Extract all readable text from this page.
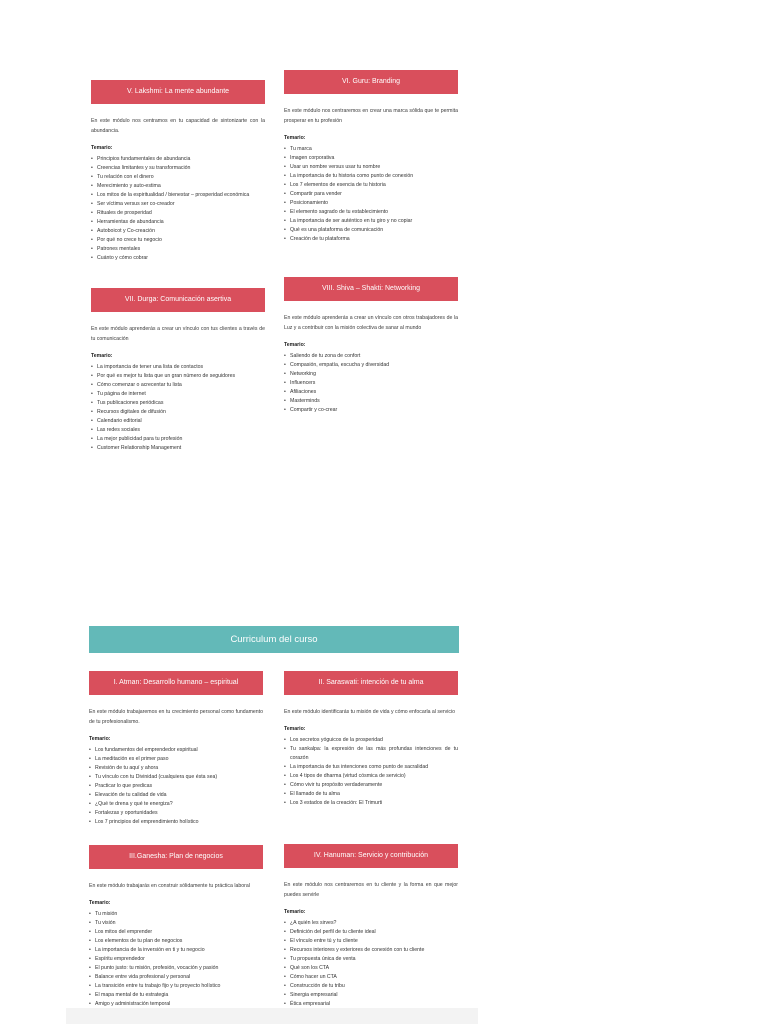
V. Lakshmi: La mente abundante

En este módulo nos centramos en tu capacidad de sintonizarte con la abundancia.

Temario:
• Principios fundamentales de abundancia
• Creencias limitantes y su transformación
• Tu relación con el dinero
• Merecimiento y auto-estima
• Los mitos de la espiritualidad / bienestar – prosperidad económica
• Ser víctima versus ser co-creador
• Rituales de prosperidad
• Herramientas de abundancia
• Autoboicot y Co-creación
• Por qué no crece tu negocio
• Patrones mentales
• Cuánto y cómo cobrar
VI. Guru: Branding

En este módulo nos centraremos en crear una marca sólida que te permita prosperar en tu profesión

Temario:
• Tu marca
• Imagen corporativa
• Usar un nombre versus usar tu nombre
• La importancia de tu historia como punto de conexión
• Los 7 elementos de esencia de tu historia
• Compartir para vender
• Posicionamiento
• El elemento sagrado de tu establecimiento
• La importancia de ser auténtico en tu giro y no copiar
• Qué es una plataforma de comunicación
• Creación de tu plataforma
VII. Durga: Comunicación asertiva

En este módulo aprenderás a crear un vínculo con tus clientes a través de tu comunicación

Temario:
• La importancia de tener una lista de contactos
• Por qué es mejor tu lista que un gran número de seguidores
• Cómo comenzar o acrecentar tu lista
• Tu página de internet
• Tus publicaciones periódicas
• Recursos digitales de difusión
• Calendario editorial
• Las redes sociales
• La mejor publicidad para tu profesión
• Customer Relationship Management
VIII. Shiva – Shakti: Networking

En este módulo aprenderás a crear un vínculo con otros trabajadores de la Luz y a contribuir con la misión colectiva de sanar al mundo

Temario:
• Saliendo de tu zona de confort
• Compasión, empatía, escucha y diversidad
• Networking
• Influencers
• Afiliaciones
• Masterminds
• Compartir y co-crear
Curriculum del curso
I. Atman: Desarrollo humano – espiritual

En este módulo trabajaremos en tu crecimiento personal como fundamento de tu profesionalismo.

Temario:
• Los fundamentos del emprendedor espiritual
• La meditación es el primer paso
• Revisión de tu aquí y ahora
• Tu vínculo con tu Divinidad (cualquiera que ésta sea)
• Practicar lo que predicas
• Elevación de tu calidad de vida
• ¿Qué te drena y qué te energiza?
• Fortalezas y oportunidades
• Los 7 principios del emprendimiento holístico
II. Saraswati: intención de tu alma

En este módulo identificarás tu misión de vida y cómo enfocarla al servicio

Temario:
• Los secretos yóguicos de la prosperidad
• Tu sankalpa: la expresión de las más profundas intenciones de tu corazón
• La importancia de tus intenciones como punto de sacralidad
• Los 4 tipos de dharma (virtud cósmica de servicio)
• Cómo vivir tu propósito verdaderamente
• El llamado de tu alma
• Los 3 estados de la creación: El Trimurti
III.Ganesha: Plan de negocios

En este módulo trabajarás en construir sólidamente tu práctica laboral

Temario:
• Tu misión
• Tu visión
• Los mitos del emprender
• Los elementos de tu plan de negocios
• La importancia de la inversión en ti y tu negocio
• Espíritu emprendedor
• El punto justo: tu misión, profesión, vocación y pasión
• Balance entre vida profesional y personal
• La transición entre tu trabajo fijo y tu proyecto holístico
• El mapa mental de tu estrategia
• Amigo y administración temporal
IV. Hanuman: Servicio y contribución

En este módulo nos centraremos en tu cliente y la forma en que mejor puedes servirle

Temario:
• ¿A quién les sirves?
• Definición del perfil de tu cliente ideal
• El vínculo entre tú y tu cliente
• Recursos interiores y exteriores de conexión con tu cliente
• Tu propuesta única de venta
• Qué son los CTA
• Cómo hacer un CTA
• Construcción de tu tribu
• Sinergia empresarial
• Ética empresarial
